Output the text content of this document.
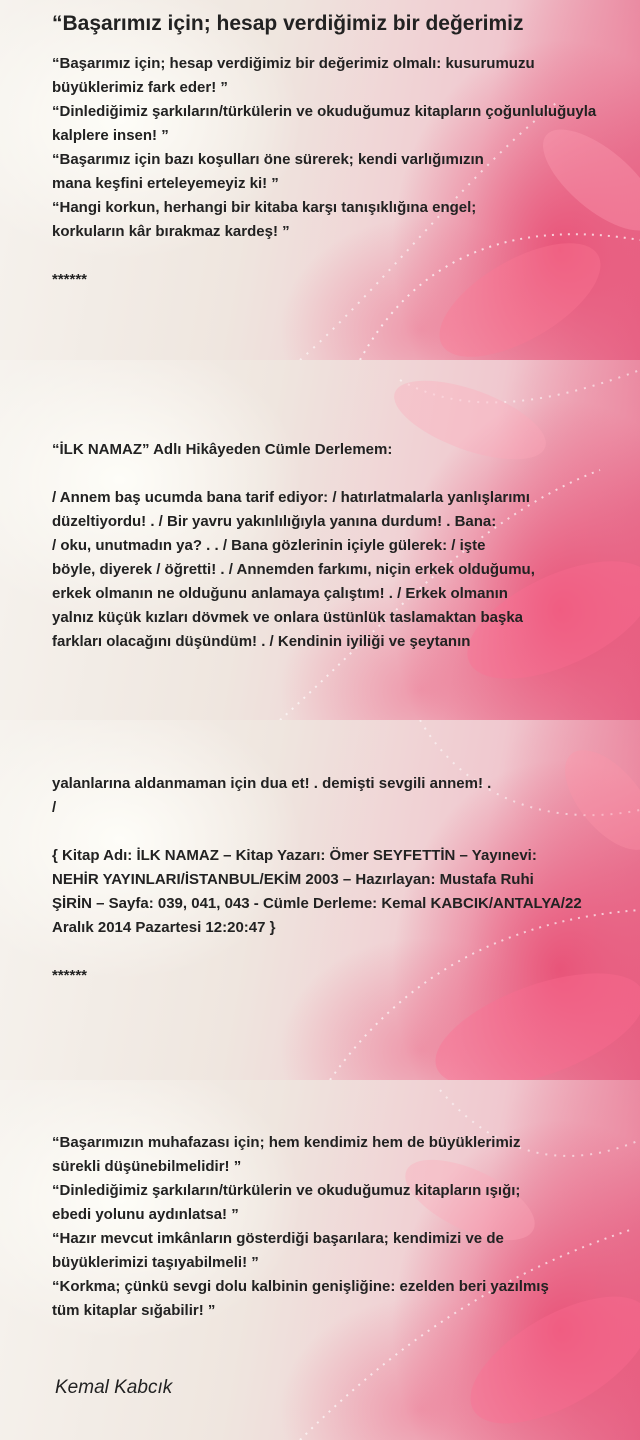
“Başarımız için; hesap verdiğimiz bir değerimiz
“Başarımız için; hesap verdiğimiz bir değerimiz olmalı: kusurumuzu
büyüklerimiz fark eder! ”
“Dinlediğimiz şarkıların/türkülerin ve okuduğumuz kitapların çoğunluluğuyla
kalplere insen! ”
“Başarımız için bazı koşulları öne sürerek; kendi varlığımızın
mana keşfini erteleyemeyiz ki! ”
“Hangi korkun, herhangi bir kitaba karşı tanışıklığına engel;
korkuların kâr bırakmaz kardeş! ”
******
“İLK NAMAZ” Adlı Hikâyeden Cümle Derlemem:
/ Annem baş ucumda bana tarif ediyor: / hatırlatmalarla yanlışlarımı
düzeltiyordu! . / Bir yavru yakınlılığıyla yanına durdum! . Bana:
/ oku, unutmadın ya? . . / Bana gözlerinin içiyle gülerek: / işte
böyle, diyerek / öğretti! . / Annemden farkımı, niçin erkek olduğumu,
erkek olmanın ne olduğunu anlamaya çalıştım! . / Erkek olmanın
yalnız küçük kızları dövmek ve onlara üstünlük taslamaktan başka
farkları olacağını düşündüm! . / Kendinin iyiliği ve şeytanın
yalanlarına aldanmaman için dua et! . demişti sevgili annem! .
/
{ Kitap Adı: İLK NAMAZ – Kitap Yazarı: Ömer SEYFETTİN – Yayınevi:
NEHİR YAYINLARI/İSTANBUL/EKİM 2003 – Hazırlayan: Mustafa Ruhi
ŞİRİN – Sayfa: 039, 041, 043 - Cümle Derleme: Kemal KABCIK/ANTALYA/22
Aralık 2014 Pazartesi 12:20:47 }
******
“Başarımızın muhafazası için; hem kendimiz hem de büyüklerimiz
sürekli düşünebilmelidir! ”
“Dinlediğimiz şarkıların/türkülerin ve okuduğumuz kitapların ışığı;
ebedi yolunu aydınlatsa! ”
“Hazır mevcut imkânların gösterdiği başarılara; kendimizi ve de
büyüklerimizi taşıyabilmeli! ”
“Korkma; çünkü sevgi dolu kalbinin genişliğine: ezelden beri yazılmış
tüm kitaplar sığabilir! ”
Kemal Kabcık
